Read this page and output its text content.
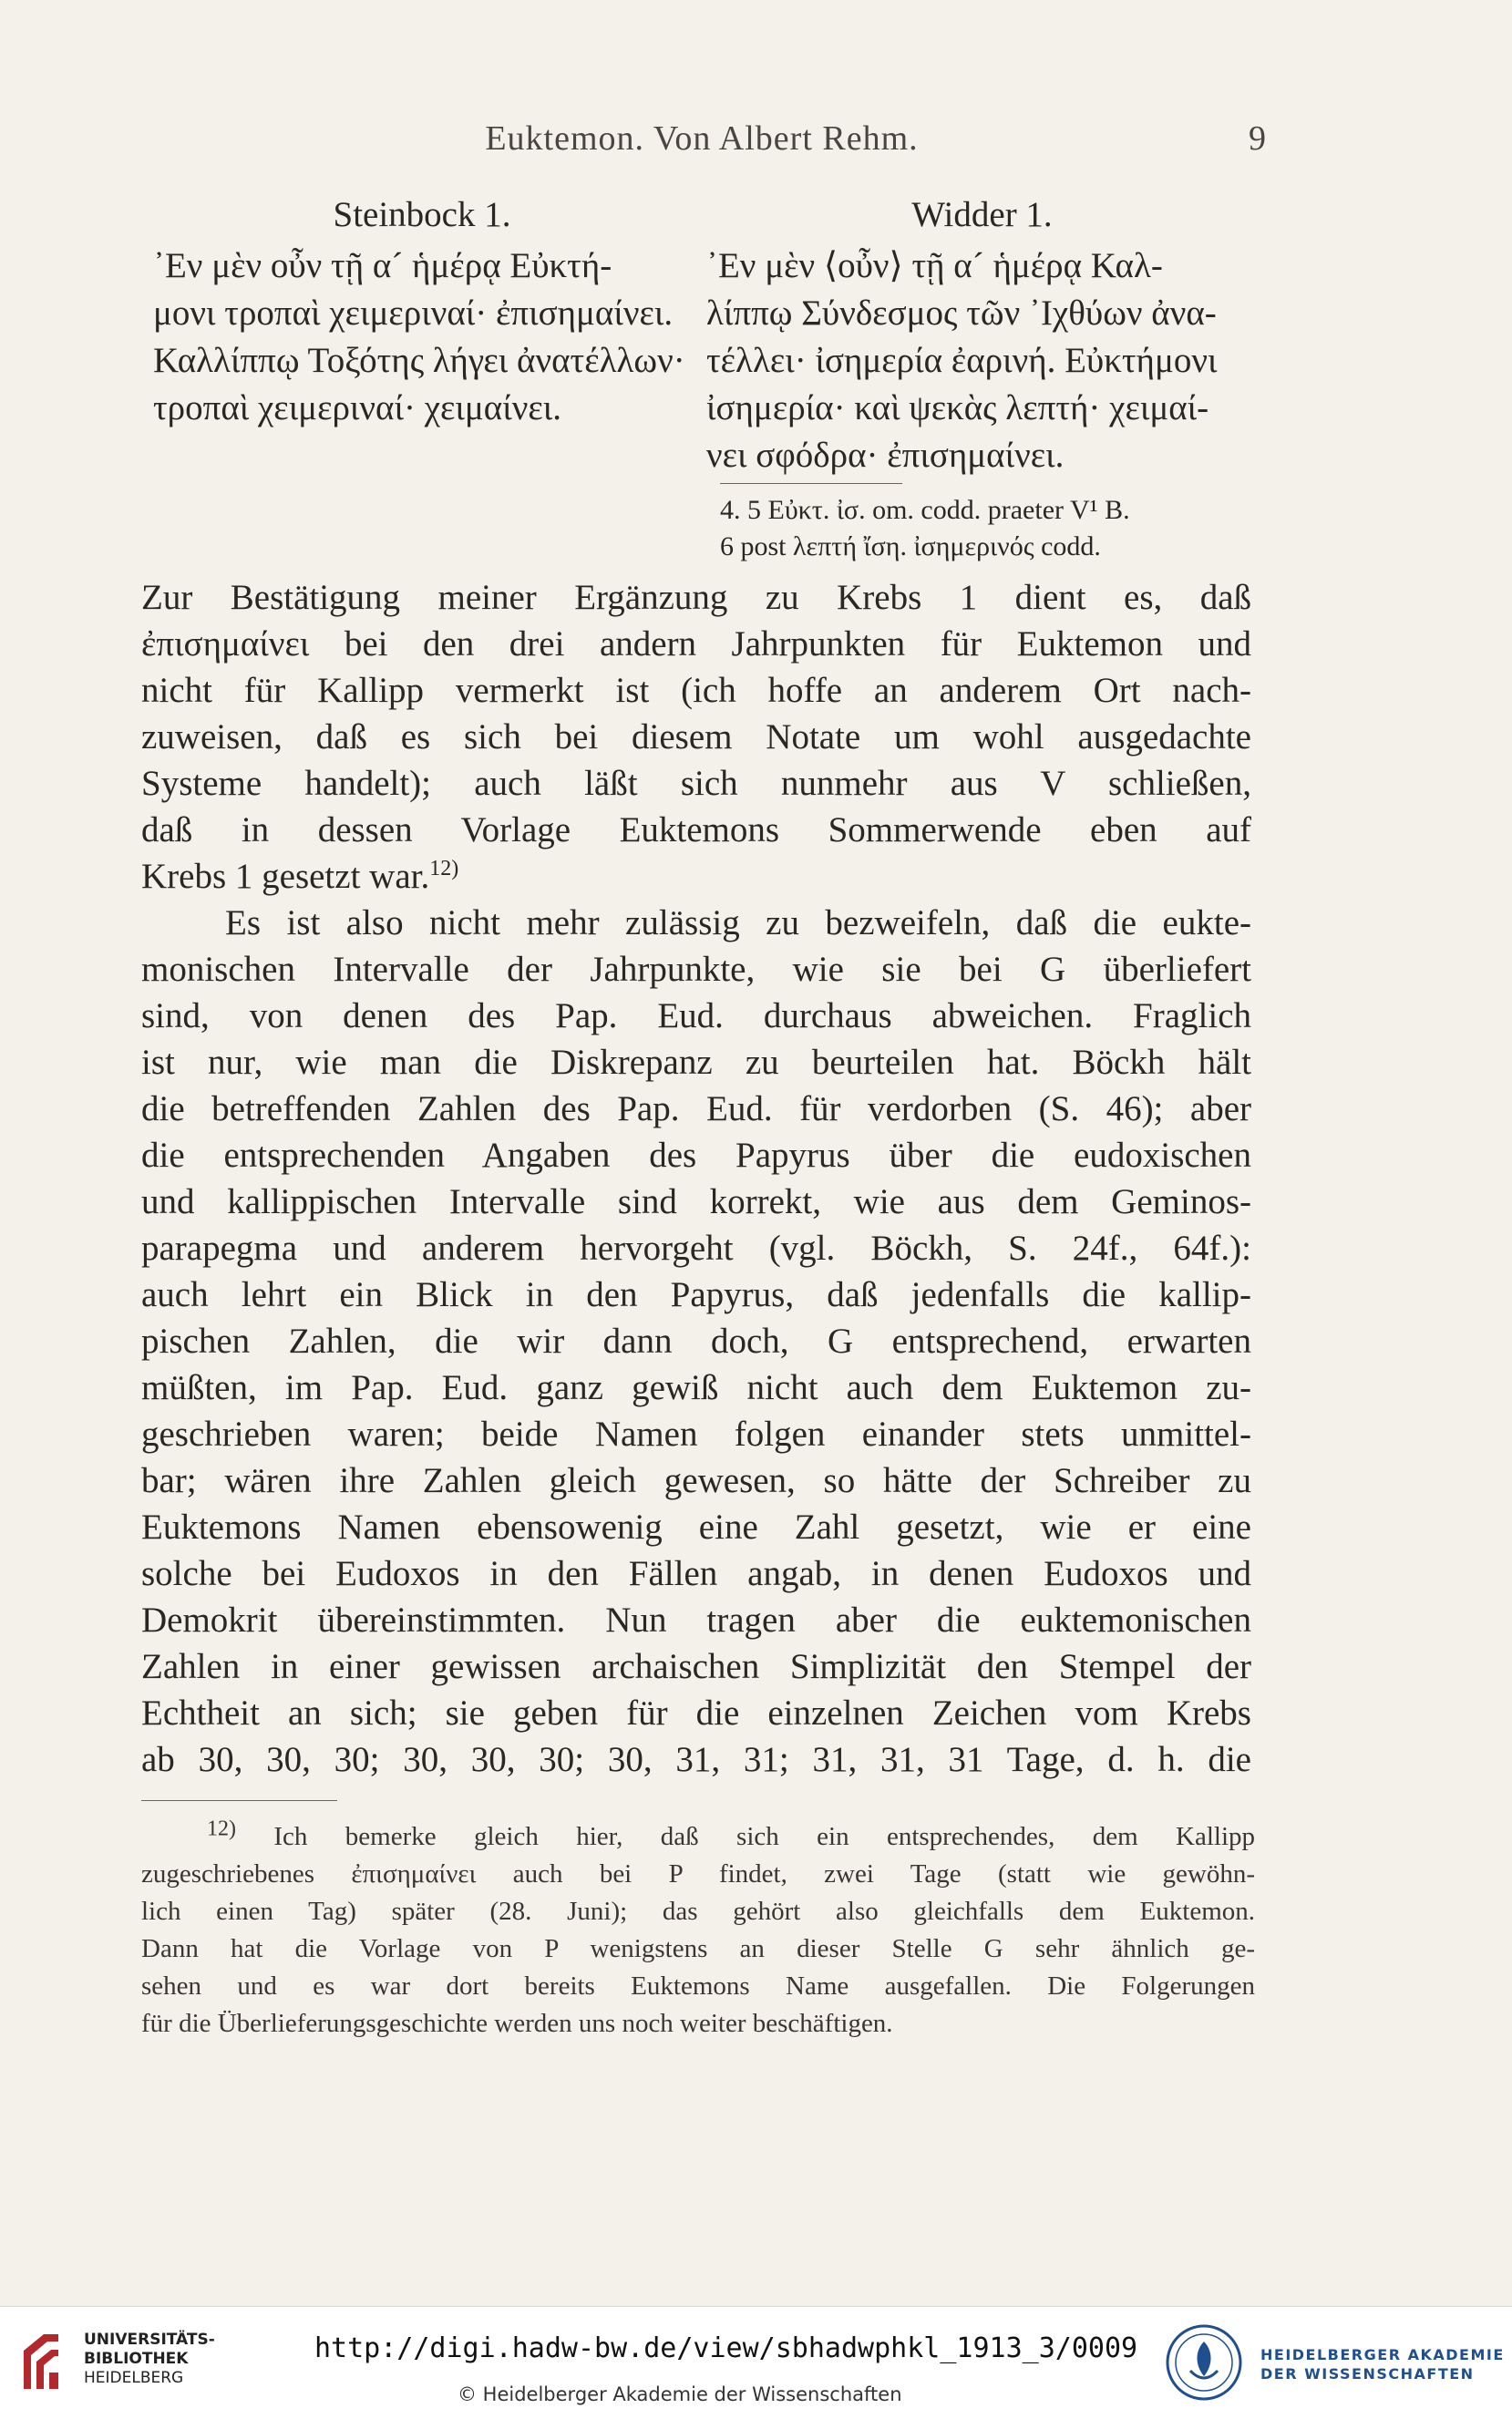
Euktemon. Von Albert Rehm.	9
Steinbock 1.
᾿Εν μὲν οὖν τῇ α´ ἡμέρᾳ Εὐκτή-
μονι τροπαὶ χειμεριναί· ἐπισημαίνει.
Καλλίππῳ Τοξότης λήγει ἀνατέλλων·
τροπαὶ χειμεριναί· χειμαίνει.
Widder 1.
᾿Εν μὲν ⟨οὖν⟩ τῇ α´ ἡμέρᾳ Καλ-
λίππῳ Σύνδεσμος τῶν ᾿Ιχθύων ἀνα-
τέλλει· ἰσημερία ἐαρινή. Εὐκτήμονι
ἰσημερία· καὶ ψεκὰς λεπτή· χειμαί-
νει σφόδρα· ἐπισημαίνει.
4. 5 Εὐκτ. ἰσ. om. codd. praeter V¹ B.
6 post λεπτή ἴση. ἰσημερινός codd.
Zur Bestätigung meiner Ergänzung zu Krebs 1 dient es, daß
ἐπισημαίνει bei den drei andern Jahrpunkten für Euktemon und
nicht für Kallipp vermerkt ist (ich hoffe an anderem Ort nach-
zuweisen, daß es sich bei diesem Notate um wohl ausgedachte
Systeme handelt); auch läßt sich nunmehr aus V schließen,
daß in dessen Vorlage Euktemons Sommerwende eben auf
Krebs 1 gesetzt war.$^{12)}$
Es ist also nicht mehr zulässig zu bezweifeln, daß die eukte-
monischen Intervalle der Jahrpunkte, wie sie bei G überliefert
sind, von denen des Pap. Eud. durchaus abweichen. Fraglich
ist nur, wie man die Diskrepanz zu beurteilen hat. Böckh hält
die betreffenden Zahlen des Pap. Eud. für verdorben (S. 46); aber
die entsprechenden Angaben des Papyrus über die eudoxischen
und kallippischen Intervalle sind korrekt, wie aus dem Geminos-
parapegma und anderem hervorgeht (vgl. Böckh, S. 24f., 64f.):
auch lehrt ein Blick in den Papyrus, daß jedenfalls die kallip-
pischen Zahlen, die wir dann doch, G entsprechend, erwarten
müßten, im Pap. Eud. ganz gewiß nicht auch dem Euktemon zu-
geschrieben waren; beide Namen folgen einander stets unmittel-
bar; wären ihre Zahlen gleich gewesen, so hätte der Schreiber zu
Euktemons Namen ebensowenig eine Zahl gesetzt, wie er eine
solche bei Eudoxos in den Fällen angab, in denen Eudoxos und
Demokrit übereinstimmten. Nun tragen aber die euktemonischen
Zahlen in einer gewissen archaischen Simplizität den Stempel der
Echtheit an sich; sie geben für die einzelnen Zeichen vom Krebs
ab 30, 30, 30; 30, 30, 30; 30, 31, 31; 31, 31, 31 Tage, d. h. die
$^{12)}$ Ich bemerke gleich hier, daß sich ein entsprechendes, dem Kallipp
zugeschriebenes ἐπισημαίνει auch bei P findet, zwei Tage (statt wie gewöhn-
lich einen Tag) später (28. Juni); das gehört also gleichfalls dem Euktemon.
Dann hat die Vorlage von P wenigstens an dieser Stelle G sehr ähnlich ge-
sehen und es war dort bereits Euktemons Name ausgefallen. Die Folgerungen
für die Überlieferungsgeschichte werden uns noch weiter beschäftigen.
UNIVERSITÄTS-
BIBLIOTHEK
HEIDELBERG
http://digi.hadw-bw.de/view/sbhadwphkl_1913_3/0009
© Heidelberger Akademie der Wissenschaften
HEIDELBERGER AKADEMIE
DER WISSENSCHAFTEN
